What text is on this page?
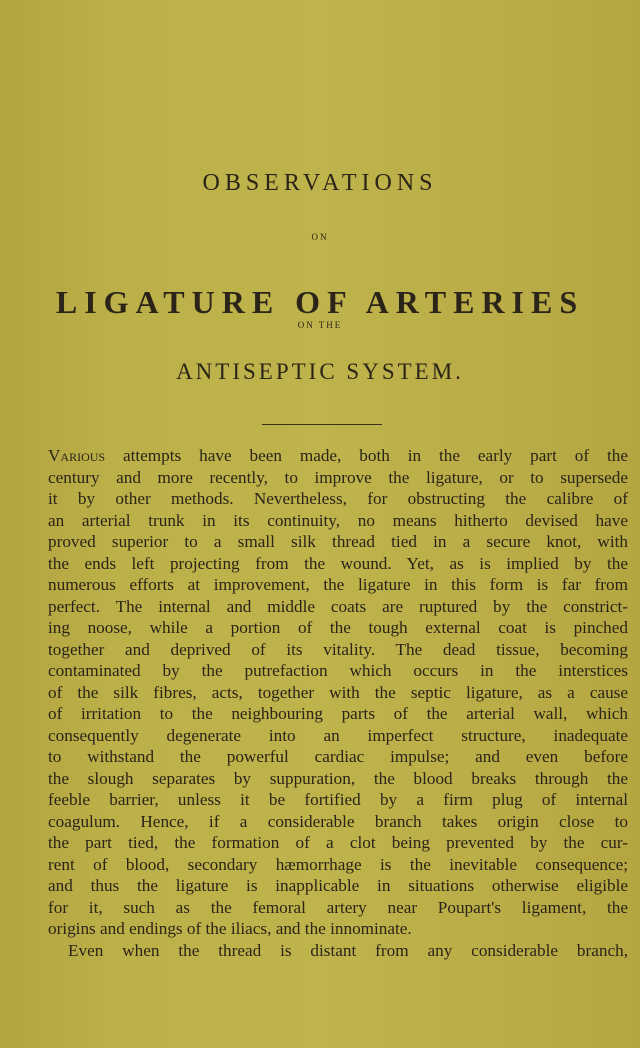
OBSERVATIONS
ON
LIGATURE OF ARTERIES
ON THE
ANTISEPTIC SYSTEM.
Various attempts have been made, both in the early part of the
century and more recently, to improve the ligature, or to supersede
it by other methods. Nevertheless, for obstructing the calibre of
an arterial trunk in its continuity, no means hitherto devised have
proved superior to a small silk thread tied in a secure knot, with
the ends left projecting from the wound. Yet, as is implied by the
numerous efforts at improvement, the ligature in this form is far from
perfect. The internal and middle coats are ruptured by the constrict-
ing noose, while a portion of the tough external coat is pinched
together and deprived of its vitality. The dead tissue, becoming
contaminated by the putrefaction which occurs in the interstices
of the silk fibres, acts, together with the septic ligature, as a cause
of irritation to the neighbouring parts of the arterial wall, which
consequently degenerate into an imperfect structure, inadequate
to withstand the powerful cardiac impulse; and even before
the slough separates by suppuration, the blood breaks through the
feeble barrier, unless it be fortified by a firm plug of internal
coagulum. Hence, if a considerable branch takes origin close to
the part tied, the formation of a clot being prevented by the cur-
rent of blood, secondary hæmorrhage is the inevitable consequence;
and thus the ligature is inapplicable in situations otherwise eligible
for it, such as the femoral artery near Poupart's ligament, the
origins and endings of the iliacs, and the innominate.
Even when the thread is distant from any considerable branch,
